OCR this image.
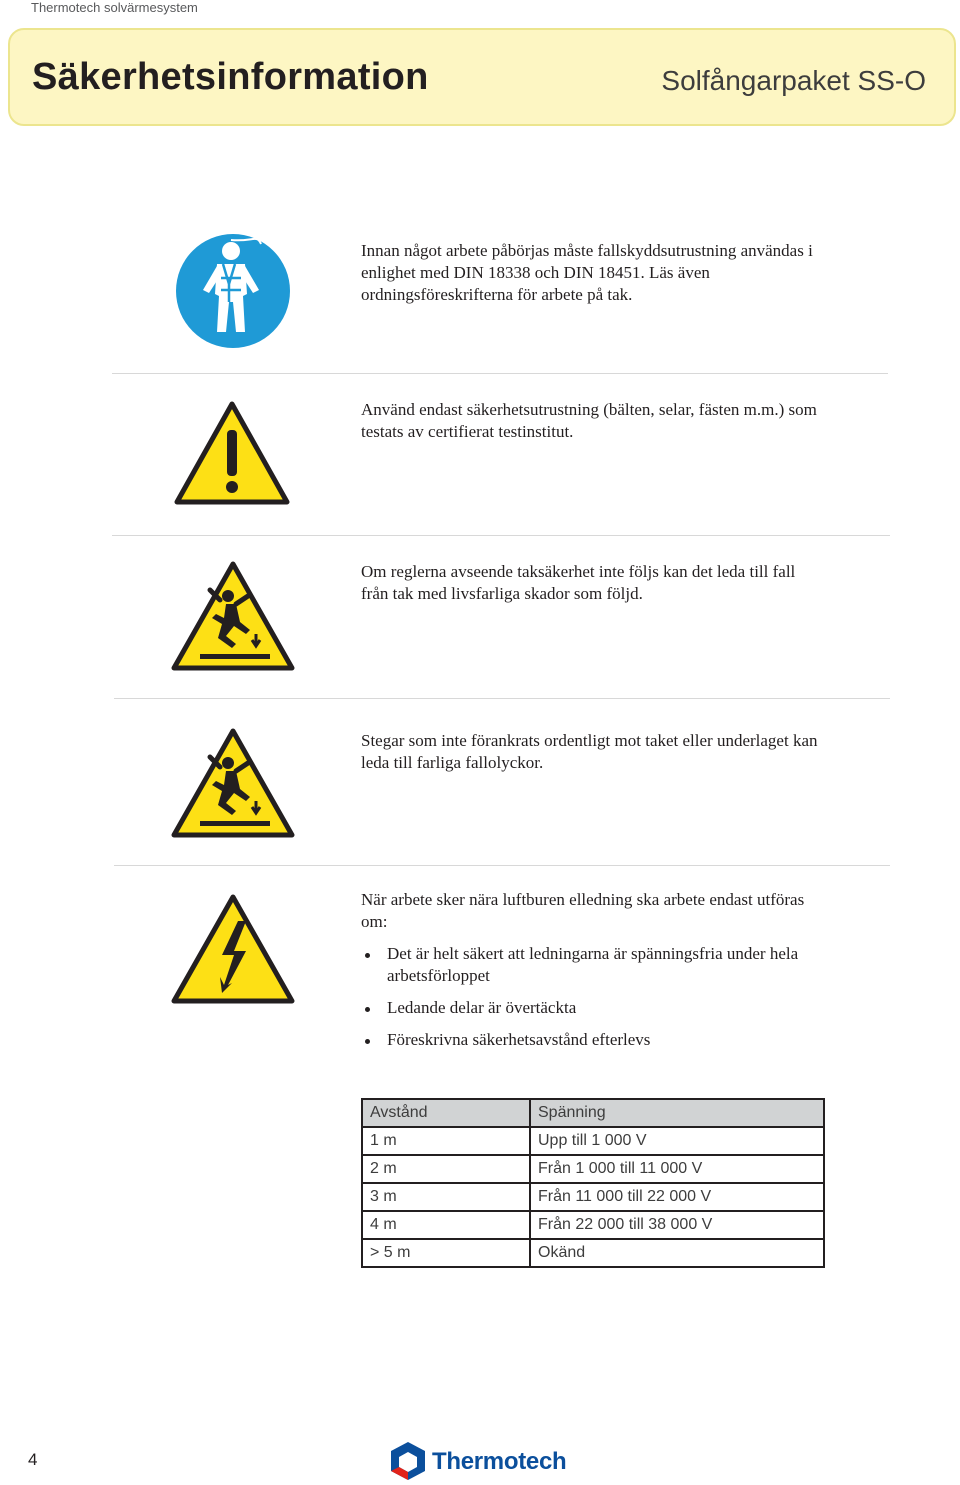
Thermotech solvärmesystem
Säkerhetsinformation	Solfångarpaket SS-O
Innan något arbete påbörjas måste fallskyddsutrustning användas i enlighet med DIN 18338 och DIN 18451. Läs även ordningsföreskrifterna för arbete på tak.
Använd endast säkerhetsutrustning (bälten, selar, fästen m.m.) som testats av certifierat testinstitut.
Om reglerna avseende taksäkerhet inte följs kan det leda till fall från tak med livsfarliga skador som följd.
Stegar som inte förankrats ordentligt mot taket eller underlaget kan leda till farliga fallolyckor.
När arbete sker nära luftburen elledning ska arbete endast utföras om:
Det är helt säkert att ledningarna är spänningsfria under hela arbetsförloppet
Ledande delar är övertäckta
Föreskrivna säkerhetsavstånd efterlevs
Avstånd	Spänning
1 m	Upp till 1 000 V
2 m	Från 1 000 till 11 000 V
3 m	Från 11 000 till 22 000 V
4 m	Från 22 000 till 38 000 V
> 5 m	Okänd
4	Thermotech
